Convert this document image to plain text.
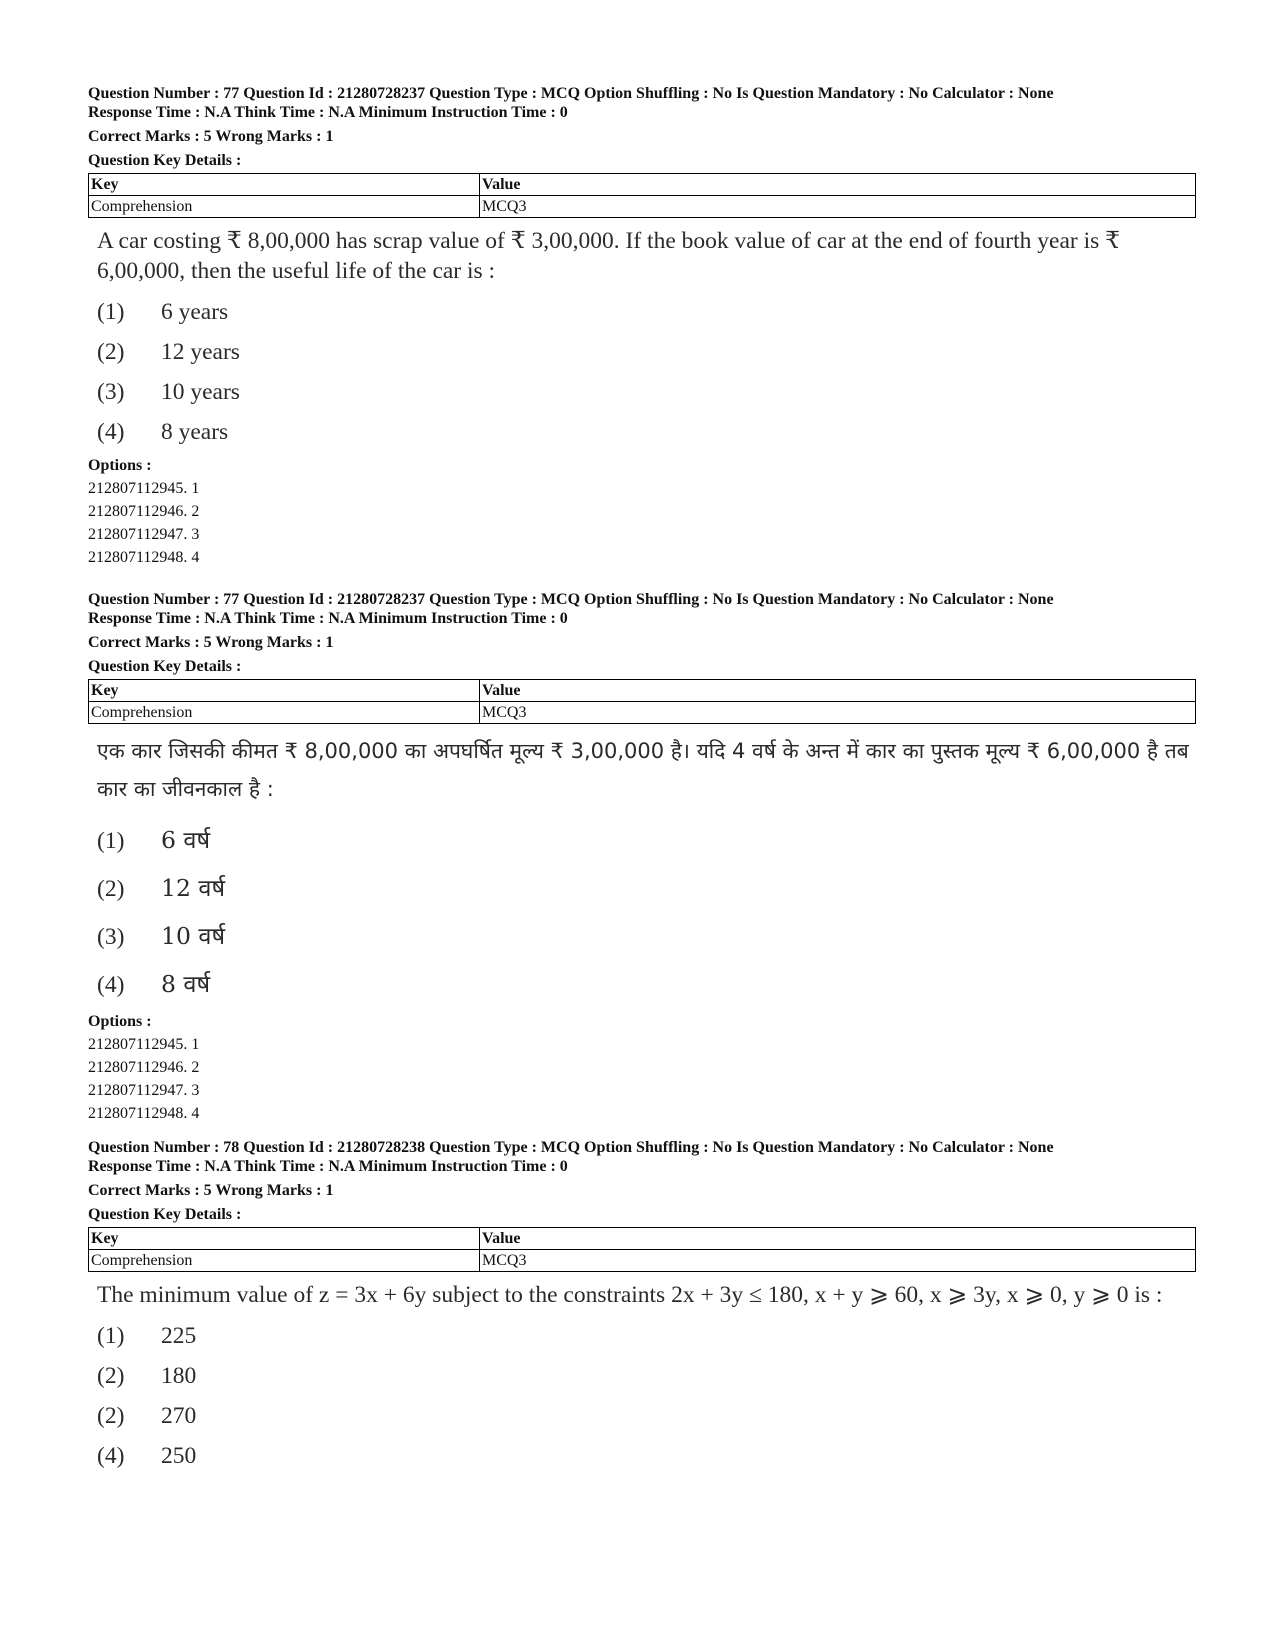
Question Number : 77 Question Id : 21280728237 Question Type : MCQ Option Shuffling : No Is Question Mandatory : No Calculator : None
Response Time : N.A Think Time : N.A Minimum Instruction Time : 0
Correct Marks : 5 Wrong Marks : 1
Question Key Details :
Key	Value
Comprehension	MCQ3
A car costing ₹ 8,00,000 has scrap value of ₹ 3,00,000. If the book value of car at the end of fourth year is ₹ 6,00,000, then the useful life of the car is :
(1)	6 years
(2)	12 years
(3)	10 years
(4)	8 years
Options :
212807112945. 1
212807112946. 2
212807112947. 3
212807112948. 4
Question Number : 77 Question Id : 21280728237 Question Type : MCQ Option Shuffling : No Is Question Mandatory : No Calculator : None
Response Time : N.A Think Time : N.A Minimum Instruction Time : 0
Correct Marks : 5 Wrong Marks : 1
Question Key Details :
Key	Value
Comprehension	MCQ3
एक कार जिसकी कीमत ₹ 8,00,000 का अपघर्षित मूल्य ₹ 3,00,000 है। यदि 4 वर्ष के अन्त में कार का पुस्तक मूल्य ₹ 6,00,000 है तब कार का जीवनकाल है :
(1)	6 वर्ष
(2)	12 वर्ष
(3)	10 वर्ष
(4)	8 वर्ष
Options :
212807112945. 1
212807112946. 2
212807112947. 3
212807112948. 4
Question Number : 78 Question Id : 21280728238 Question Type : MCQ Option Shuffling : No Is Question Mandatory : No Calculator : None
Response Time : N.A Think Time : N.A Minimum Instruction Time : 0
Correct Marks : 5 Wrong Marks : 1
Question Key Details :
Key	Value
Comprehension	MCQ3
The minimum value of z = 3x + 6y subject to the constraints 2x + 3y ≤ 180, x + y ⩾ 60, x ⩾ 3y, x ⩾ 0, y ⩾ 0 is :
(1)	225
(2)	180
(2)	270
(4)	250
